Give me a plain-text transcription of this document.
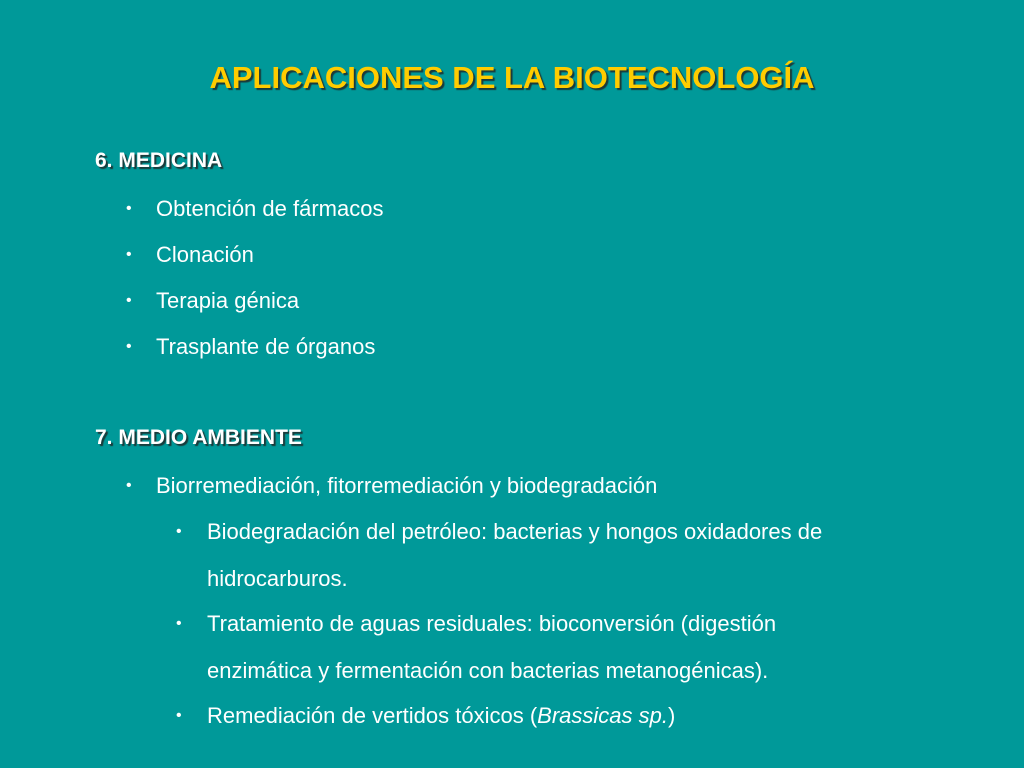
APLICACIONES DE LA BIOTECNOLOGÍA
6. MEDICINA
• Obtención de fármacos
• Clonación
• Terapia génica
• Trasplante de órganos
7. MEDIO AMBIENTE
• Biorremediación, fitorremediación y biodegradación
• Biodegradación del petróleo: bacterias y hongos oxidadores de
hidrocarburos.
• Tratamiento de aguas residuales: bioconversión (digestión
enzimática y fermentación con bacterias metanogénicas).
• Remediación de vertidos tóxicos (Brassicas sp.)
